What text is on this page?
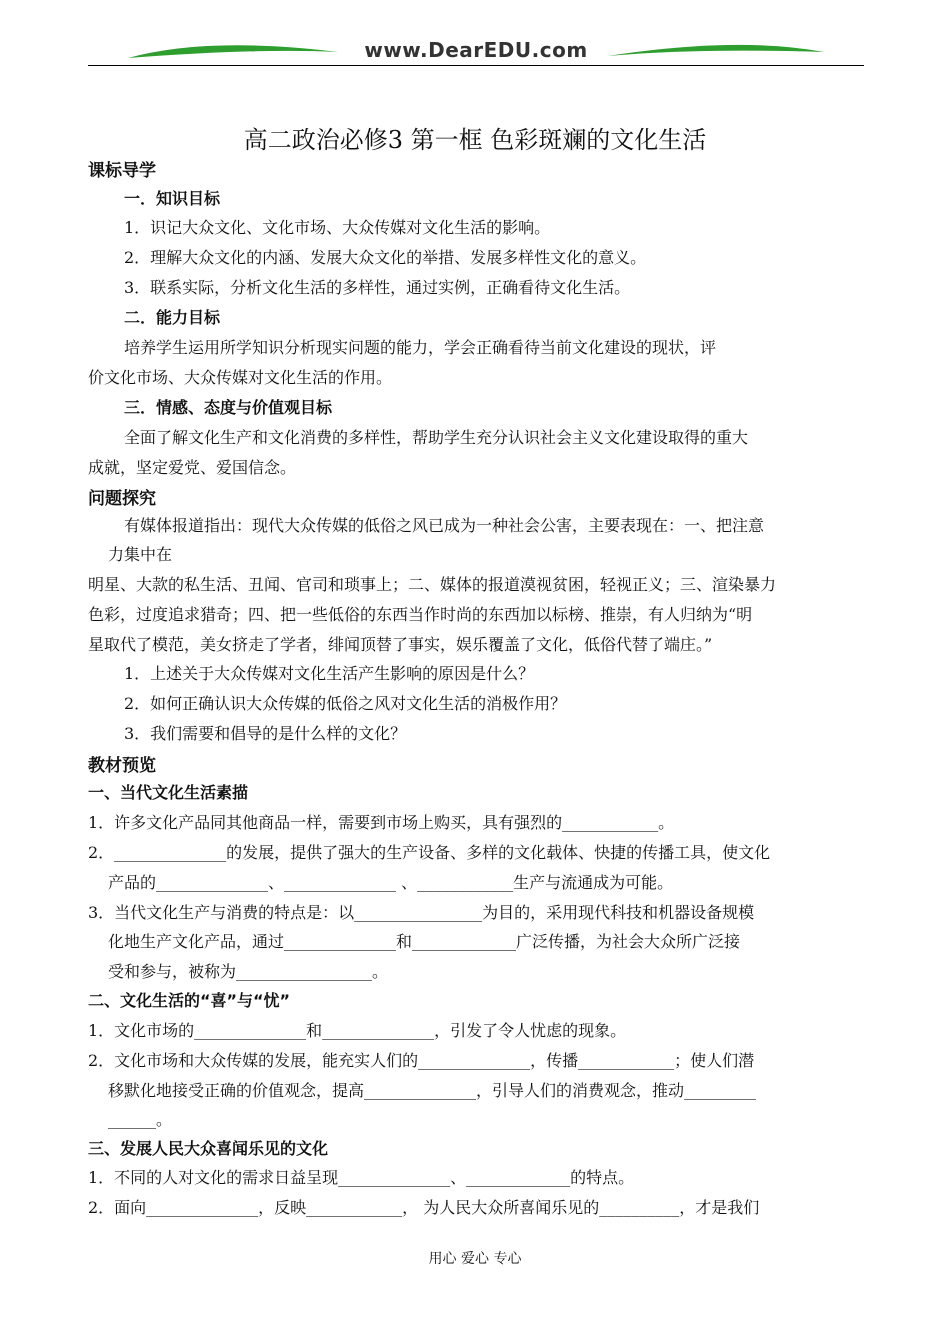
www.DearEDU.com
高二政治必修3 第一框 色彩斑斓的文化生活
课标导学
一．知识目标
1．识记大众文化、文化市场、大众传媒对文化生活的影响。
2．理解大众文化的内涵、发展大众文化的举措、发展多样性文化的意义。
3．联系实际，分析文化生活的多样性，通过实例，正确看待文化生活。
二．能力目标
培养学生运用所学知识分析现实问题的能力，学会正确看待当前文化建设的现状，评
价文化市场、大众传媒对文化生活的作用。
三．情感、态度与价值观目标
全面了解文化生产和文化消费的多样性，帮助学生充分认识社会主义文化建设取得的重大
成就，坚定爱党、爱国信念。
问题探究
有媒体报道指出：现代大众传媒的低俗之风已成为一种社会公害，主要表现在：一、把注意
力集中在
明星、大款的私生活、丑闻、官司和琐事上；二、媒体的报道漠视贫困，轻视正义；三、渲染暴力
色彩，过度追求猎奇；四、把一些低俗的东西当作时尚的东西加以标榜、推崇，有人归纳为“明
星取代了模范，美女挤走了学者，绯闻顶替了事实，娱乐覆盖了文化，低俗代替了端庄。”
1．上述关于大众传媒对文化生活产生影响的原因是什么？
2．如何正确认识大众传媒的低俗之风对文化生活的消极作用？
3．我们需要和倡导的是什么样的文化？
教材预览
一、当代文化生活素描
1．许多文化产品同其他商品一样，需要到市场上购买，具有强烈的____________。
2．______________的发展，提供了强大的生产设备、多样的文化载体、快捷的传播工具，使文化
产品的______________、______________ 、____________生产与流通成为可能。
3．当代文化生产与消费的特点是：以________________为目的，采用现代科技和机器设备规模
化地生产文化产品，通过______________和_____________广泛传播，为社会大众所广泛接
受和参与，被称为_________________。
二、文化生活的“喜”与“忧”
1．文化市场的______________和______________，引发了令人忧虑的现象。
2．文化市场和大众传媒的发展，能充实人们的______________，传播____________；使人们潜
移默化地接受正确的价值观念，提高______________，引导人们的消费观念，推动_________
______。
三、发展人民大众喜闻乐见的文化
1．不同的人对文化的需求日益呈现______________、_____________的特点。
2．面向______________，反映____________， 为人民大众所喜闻乐见的__________，才是我们
用心 爱心 专心
